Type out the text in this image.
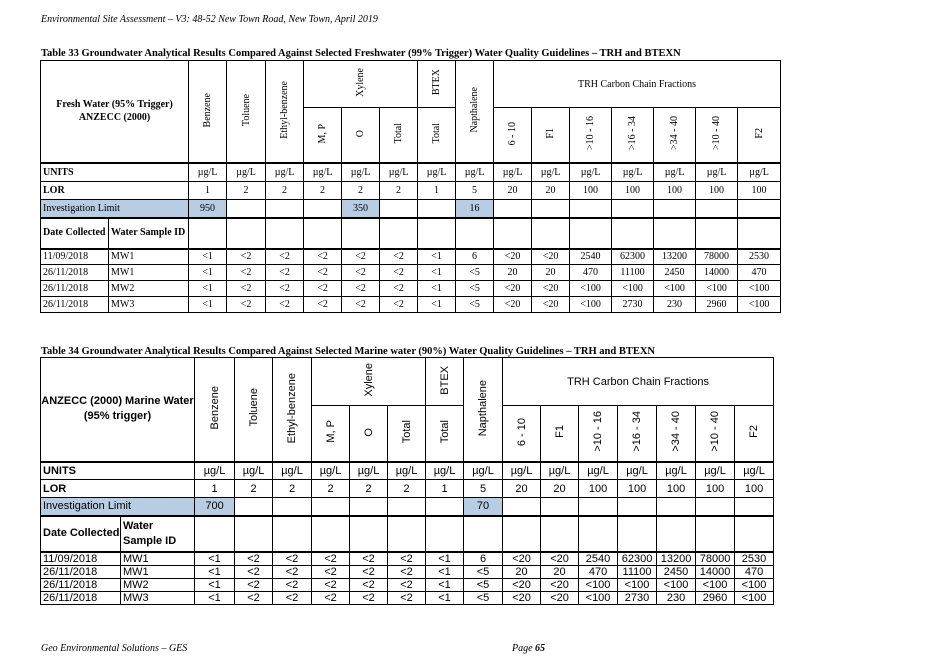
Environmental Site Assessment – V3: 48-52 New Town Road, New Town, April 2019
Table 33 Groundwater Analytical Results Compared Against Selected Freshwater (99% Trigger) Water Quality Guidelines – TRH and BTEXN
Fresh Water (95% Trigger) ANZECC (2000)		Benzene	Toluene	Ethyl-benzene	Xylene			BTEX	Napthalene	TRH Carbon Chain Fractions						
					M, P	O	Total	Total		6 - 10	F1	>10 - 16	>16 - 34	>34 - 40	>10 - 40	F2
UNITS		µg/L	µg/L	µg/L	µg/L	µg/L	µg/L	µg/L	µg/L	µg/L	µg/L	µg/L	µg/L	µg/L	µg/L	µg/L
LOR		1	2	2	2	2	2	1	5	20	20	100	100	100	100	100
Investigation Limit		950				350			16							
Date Collected	Water Sample ID															
11/09/2018	MW1	<1	<2	<2	<2	<2	<2	<1	6	<20	<20	2540	62300	13200	78000	2530
26/11/2018	MW1	<1	<2	<2	<2	<2	<2	<1	<5	20	20	470	11100	2450	14000	470
26/11/2018	MW2	<1	<2	<2	<2	<2	<2	<1	<5	<20	<20	<100	<100	<100	<100	<100
26/11/2018	MW3	<1	<2	<2	<2	<2	<2	<1	<5	<20	<20	<100	2730	230	2960	<100
Table 34 Groundwater Analytical Results Compared Against Selected Marine water (90%) Water Quality Guidelines – TRH and BTEXN
ANZECC (2000) Marine Water (95% trigger)		Benzene	Toluene	Ethyl-benzene	Xylene			BTEX	Napthalene	TRH Carbon Chain Fractions						
					M, P	O	Total	Total		6 - 10	F1	>10 - 16	>16 - 34	>34 - 40	>10 - 40	F2
UNITS		µg/L	µg/L	µg/L	µg/L	µg/L	µg/L	µg/L	µg/L	µg/L	µg/L	µg/L	µg/L	µg/L	µg/L	µg/L
LOR		1	2	2	2	2	2	1	5	20	20	100	100	100	100	100
Investigation Limit		700							70							
Date Collected	Water Sample ID															
11/09/2018	MW1	<1	<2	<2	<2	<2	<2	<1	6	<20	<20	2540	62300	13200	78000	2530
26/11/2018	MW1	<1	<2	<2	<2	<2	<2	<1	<5	20	20	470	11100	2450	14000	470
26/11/2018	MW2	<1	<2	<2	<2	<2	<2	<1	<5	<20	<20	<100	<100	<100	<100	<100
26/11/2018	MW3	<1	<2	<2	<2	<2	<2	<1	<5	<20	<20	<100	2730	230	2960	<100
Geo Environmental Solutions – GES	Page 65
